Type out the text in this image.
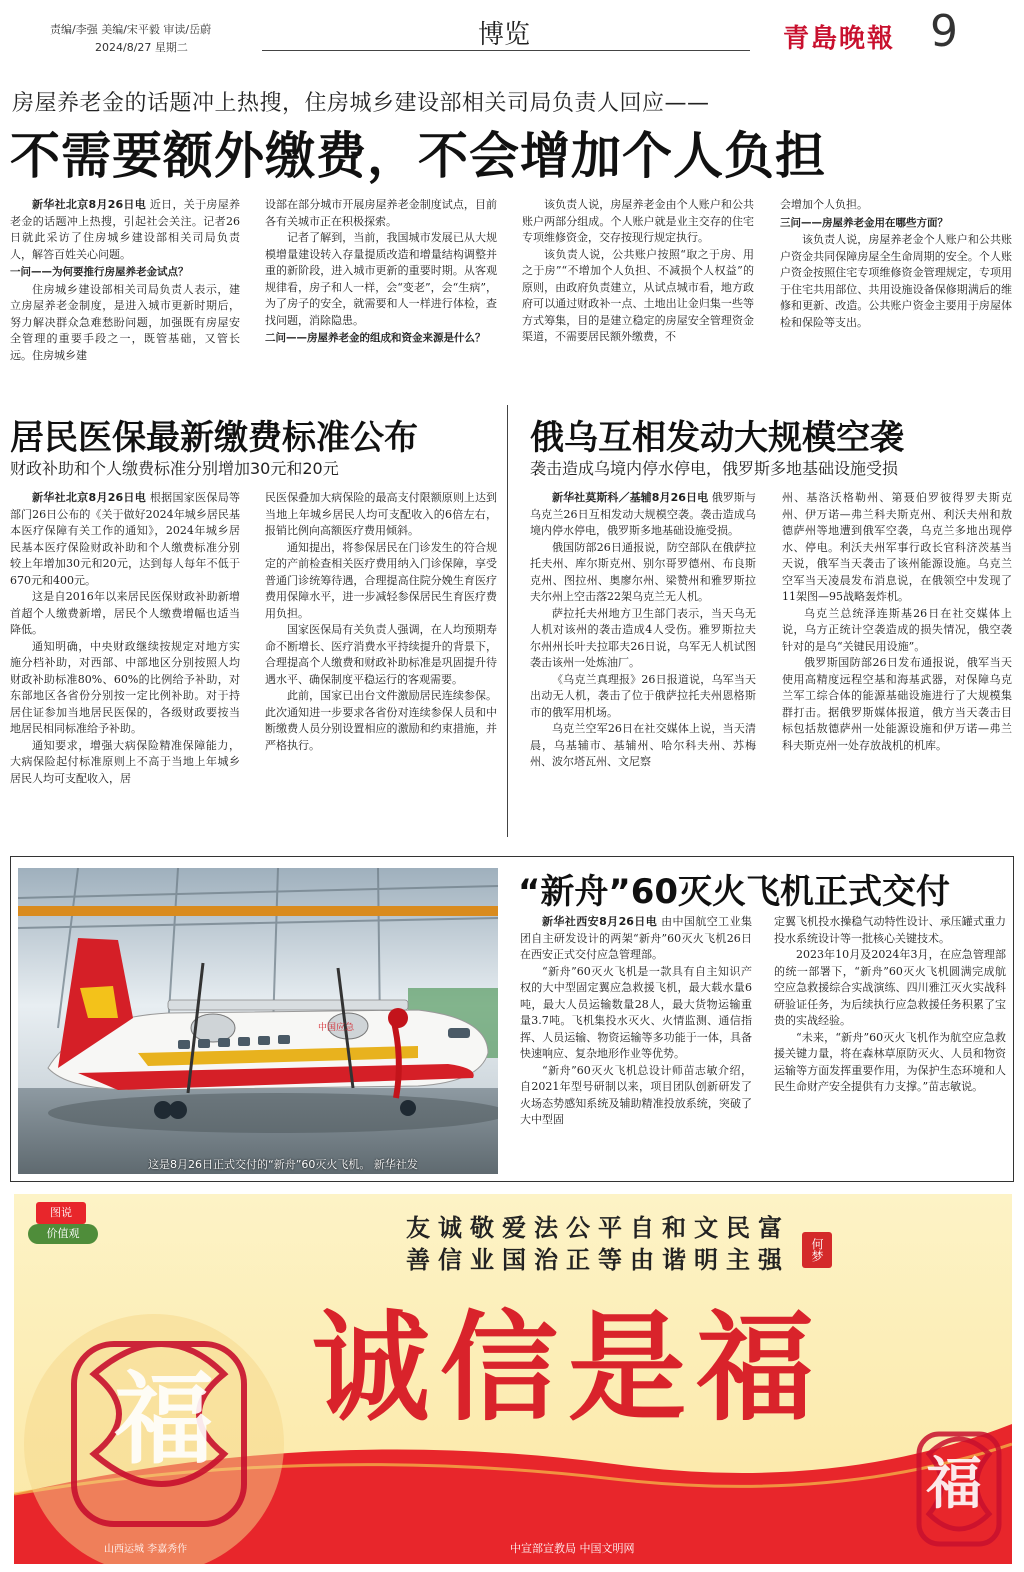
责编/李强 美编/宋平毅 审读/岳蔚
2024/8/27 星期二	博览	青島晚報 9
房屋养老金的话题冲上热搜，住房城乡建设部相关司局负责人回应——
不需要额外缴费，不会增加个人负担

新华社北京8月26日电 近日，关于房屋养老金的话题冲上热搜，引起社会关注。记者26日就此采访了住房城乡建设部相关司局负责人，解答百姓关心问题。

一问——为何要推行房屋养老金试点？

住房城乡建设部相关司局负责人表示，建立房屋养老金制度，是进入城市更新时期后，努力解决群众急难愁盼问题，加强既有房屋安全管理的重要手段之一，既管基础，又管长远。住房城乡建

设部在部分城市开展房屋养老金制度试点，目前各有关城市正在积极探索。

记者了解到，当前，我国城市发展已从大规模增量建设转入存量提质改造和增量结构调整并重的新阶段，进入城市更新的重要时期。从客观规律看，房子和人一样，会“变老”，会“生病”，为了房子的安全，就需要和人一样进行体检，查找问题，消除隐患。

二问——房屋养老金的组成和资金来源是什么？

该负责人说，房屋养老金由个人账户和公共账户两部分组成。个人账户就是业主交存的住宅专项维修资金，交存按现行规定执行。

该负责人说，公共账户按照“取之于房、用之于房”“不增加个人负担、不减损个人权益”的原则，由政府负责建立，从试点城市看，地方政府可以通过财政补一点、土地出让金归集一些等方式筹集，目的是建立稳定的房屋安全管理资金渠道，不需要居民额外缴费，不

会增加个人负担。

三问——房屋养老金用在哪些方面？

该负责人说，房屋养老金个人账户和公共账户资金共同保障房屋全生命周期的安全。个人账户资金按照住宅专项维修资金管理规定，专项用于住宅共用部位、共用设施设备保修期满后的维修和更新、改造。公共账户资金主要用于房屋体检和保险等支出。

居民医保最新缴费标准公布
财政补助和个人缴费标准分别增加30元和20元

新华社北京8月26日电 根据国家医保局等部门26日公布的《关于做好2024年城乡居民基本医疗保障有关工作的通知》，2024年城乡居民基本医疗保险财政补助和个人缴费标准分别较上年增加30元和20元，达到每人每年不低于670元和400元。

这是自2016年以来居民医保财政补助新增首超个人缴费新增，居民个人缴费增幅也适当降低。

通知明确，中央财政继续按规定对地方实施分档补助，对西部、中部地区分别按照人均财政补助标准80%、60%的比例给予补助，对东部地区各省份分别按一定比例补助。对于持居住证参加当地居民医保的，各级财政要按当地居民相同标准给予补助。

通知要求，增强大病保险精准保障能力，大病保险起付标准原则上不高于当地上年城乡居民人均可支配收入，居

民医保叠加大病保险的最高支付限额原则上达到当地上年城乡居民人均可支配收入的6倍左右，报销比例向高额医疗费用倾斜。

通知提出，将参保居民在门诊发生的符合规定的产前检查相关医疗费用纳入门诊保障，享受普通门诊统筹待遇，合理提高住院分娩生育医疗费用保障水平，进一步减轻参保居民生育医疗费用负担。

国家医保局有关负责人强调，在人均预期寿命不断增长、医疗消费水平持续提升的背景下，合理提高个人缴费和财政补助标准是巩固提升待遇水平、确保制度平稳运行的客观需要。

此前，国家已出台文件激励居民连续参保。此次通知进一步要求各省份对连续参保人员和中断缴费人员分别设置相应的激励和约束措施，并严格执行。

俄乌互相发动大规模空袭
袭击造成乌境内停水停电，俄罗斯多地基础设施受损

新华社莫斯科／基辅8月26日电 俄罗斯与乌克兰26日互相发动大规模空袭。袭击造成乌境内停水停电，俄罗斯多地基础设施受损。

俄国防部26日通报说，防空部队在俄萨拉托夫州、库尔斯克州、别尔哥罗德州、布良斯克州、图拉州、奥廖尔州、梁赞州和雅罗斯拉夫尔州上空击落22架乌克兰无人机。

萨拉托夫州地方卫生部门表示，当天乌无人机对该州的袭击造成4人受伤。雅罗斯拉夫尔州州长叶夫拉耶夫26日说，乌军无人机试图袭击该州一处炼油厂。

《乌克兰真理报》26日报道说，乌军当天出动无人机，袭击了位于俄萨拉托夫州恩格斯市的俄军用机场。

乌克兰空军26日在社交媒体上说，当天清晨，乌基辅市、基辅州、哈尔科夫州、苏梅州、波尔塔瓦州、文尼察

州、基洛沃格勒州、第聂伯罗彼得罗夫斯克州、伊万诺—弗兰科夫斯克州、利沃夫州和敖德萨州等地遭到俄军空袭，乌克兰多地出现停水、停电。利沃夫州军事行政长官科济茨基当天说，俄军当天袭击了该州能源设施。乌克兰空军当天凌晨发布消息说，在俄领空中发现了11架图—95战略轰炸机。

乌克兰总统泽连斯基26日在社交媒体上说，乌方正统计空袭造成的损失情况，俄空袭针对的是乌“关键民用设施”。

俄罗斯国防部26日发布通报说，俄军当天使用高精度远程空基和海基武器，对保障乌克兰军工综合体的能源基础设施进行了大规模集群打击。据俄罗斯媒体报道，俄方当天袭击目标包括敖德萨州一处能源设施和伊万诺—弗兰科夫斯克州一处存放战机的机库。

中国应急
这是8月26日正式交付的“新舟”60灭火飞机。 新华社发
“新舟”60灭火飞机正式交付

新华社西安8月26日电 由中国航空工业集团自主研发设计的两架“新舟”60灭火飞机26日在西安正式交付应急管理部。

“新舟”60灭火飞机是一款具有自主知识产权的大中型固定翼应急救援飞机，最大载水量6吨，最大人员运输数量28人，最大货物运输重量3.7吨。飞机集投水灭火、火情监测、通信指挥、人员运输、物资运输等多功能于一体，具备快速响应、复杂地形作业等优势。

“新舟”60灭火飞机总设计师苗志敏介绍，自2021年型号研制以来，项目团队创新研发了火场态势感知系统及辅助精准投放系统，突破了大中型固

定翼飞机投水操稳气动特性设计、承压罐式重力投水系统设计等一批核心关键技术。

2023年10月及2024年3月，在应急管理部的统一部署下，“新舟”60灭火飞机圆满完成航空应急救援综合实战演练、四川雅江灭火实战科研验证任务，为后续执行应急救援任务积累了宝贵的实战经验。

“未来，“新舟”60灭火飞机作为航空应急救援关键力量，将在森林草原防灭火、人员和物资运输等方面发挥重要作用，为保护生态环境和人民生命财产安全提供有力支撑。”苗志敏说。

图说
价值观	友诚敬爱法公平自和文民富
善信业国治正等由谐明主强	何梦
诚信是福
福
福
山西运城 李嘉秀作	中宣部宣教局 中国文明网
